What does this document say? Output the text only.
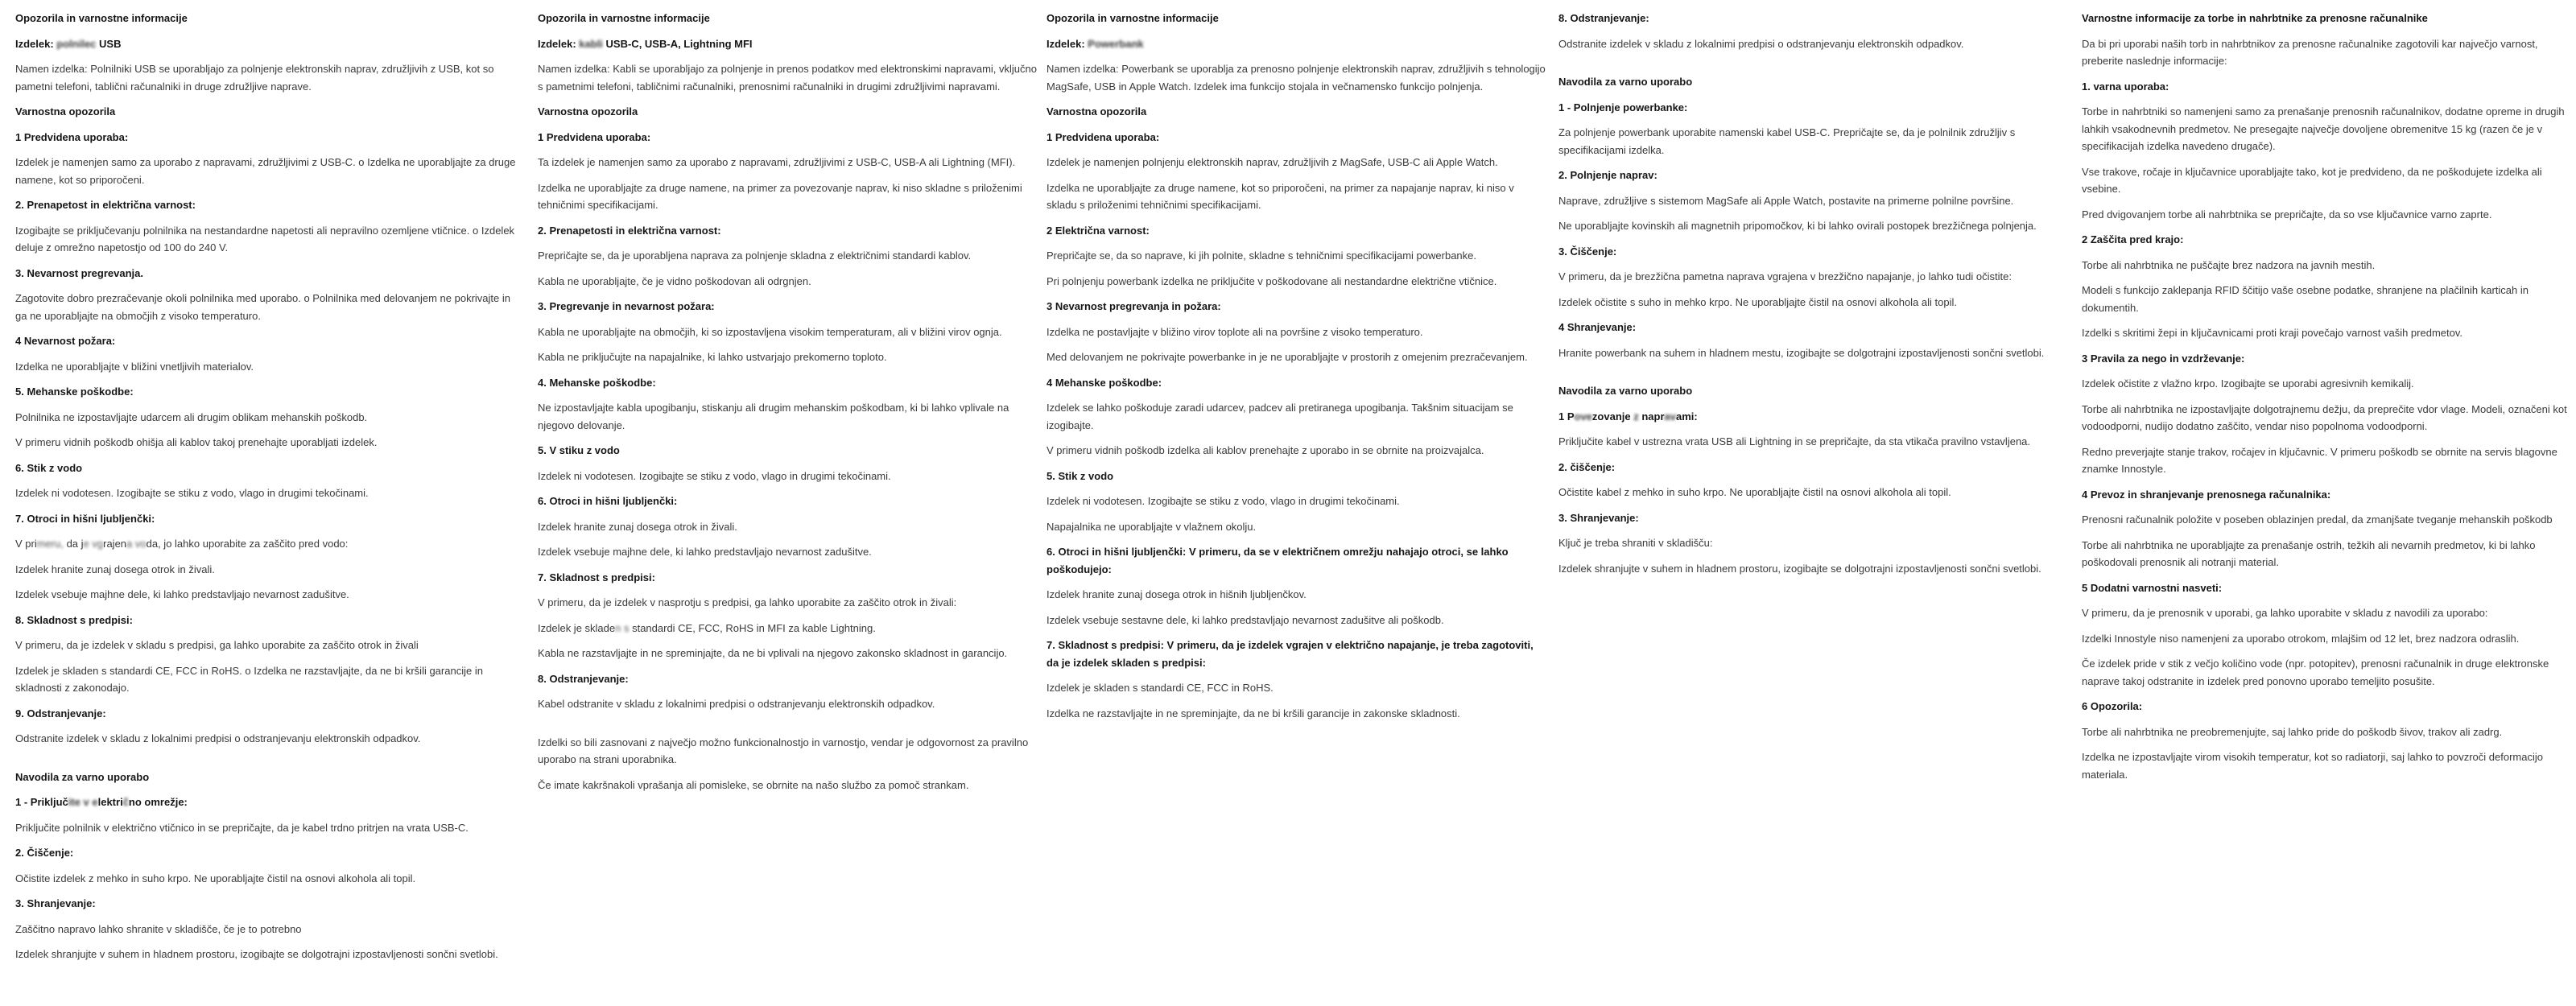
Opozorila in varnostne informacije
Izdelek: polnilec USB
Namen izdelka: Polnilniki USB se uporabljajo za polnjenje elektronskih naprav, združljivih z USB, kot so pametni telefoni, tablični računalniki in druge združljive naprave.
Varnostna opozorila
1 Predvidena uporaba:
Izdelek je namenjen samo za uporabo z napravami, združljivimi z USB-C. o Izdelka ne uporabljajte za druge namene, kot so priporočeni.
2. Prenapetost in električna varnost:
Izogibajte se priključevanju polnilnika na nestandardne napetosti ali nepravilno ozemljene vtičnice. o Izdelek deluje z omrežno napetostjo od 100 do 240 V.
3. Nevarnost pregrevanja.
Zagotovite dobro prezračevanje okoli polnilnika med uporabo. o Polnilnika med delovanjem ne pokrivajte in ga ne uporabljajte na območjih z visoko temperaturo.
4 Nevarnost požara:
Izdelka ne uporabljajte v bližini vnetljivih materialov.
5. Mehanske poškodbe:
Polnilnika ne izpostavljajte udarcem ali drugim oblikam mehanskih poškodb.
V primeru vidnih poškodb ohišja ali kablov takoj prenehajte uporabljati izdelek.
6. Stik z vodo
Izdelek ni vodotesen. Izogibajte se stiku z vodo, vlago in drugimi tekočinami.
7. Otroci in hišni ljubljenčki:
V primeru, da je vgrajena voda, jo lahko uporabite za zaščito pred vodo:
Izdelek hranite zunaj dosega otrok in živali.
Izdelek vsebuje majhne dele, ki lahko predstavljajo nevarnost zadušitve.
8. Skladnost s predpisi:
V primeru, da je izdelek v skladu s predpisi, ga lahko uporabite za zaščito otrok in živali
Izdelek je skladen s standardi CE, FCC in RoHS. o Izdelka ne razstavljajte, da ne bi kršili garancije in skladnosti z zakonodajo.
9. Odstranjevanje:
Odstranite izdelek v skladu z lokalnimi predpisi o odstranjevanju elektronskih odpadkov.
Navodila za varno uporabo
1 - Priključite v električno omrežje:
Priključite polnilnik v električno vtičnico in se prepričajte, da je kabel trdno pritrjen na vrata USB-C.
2. Čiščenje:
Očistite izdelek z mehko in suho krpo. Ne uporabljajte čistil na osnovi alkohola ali topil.
3. Shranjevanje:
Zaščitno napravo lahko shranite v skladišče, če je to potrebno
Izdelek shranjujte v suhem in hladnem prostoru, izogibajte se dolgotrajni izpostavljenosti sončni svetlobi.
Opozorila in varnostne informacije
Izdelek: kabli USB-C, USB-A, Lightning MFI
Namen izdelka: Kabli se uporabljajo za polnjenje in prenos podatkov med elektronskimi napravami, vključno s pametnimi telefoni, tabličnimi računalniki, prenosnimi računalniki in drugimi združljivimi napravami.
Varnostna opozorila
1 Predvidena uporaba:
Ta izdelek je namenjen samo za uporabo z napravami, združljivimi z USB-C, USB-A ali Lightning (MFI).
Izdelka ne uporabljajte za druge namene, na primer za povezovanje naprav, ki niso skladne s priloženimi tehničnimi specifikacijami.
2. Prenapetosti in električna varnost:
Prepričajte se, da je uporabljena naprava za polnjenje skladna z električnimi standardi kablov.
Kabla ne uporabljajte, če je vidno poškodovan ali odrgnjen.
3. Pregrevanje in nevarnost požara:
Kabla ne uporabljajte na območjih, ki so izpostavljena visokim temperaturam, ali v bližini virov ognja.
Kabla ne priključujte na napajalnike, ki lahko ustvarjajo prekomerno toploto.
4. Mehanske poškodbe:
Ne izpostavljajte kabla upogibanju, stiskanju ali drugim mehanskim poškodbam, ki bi lahko vplivale na njegovo delovanje.
5. V stiku z vodo
Izdelek ni vodotesen. Izogibajte se stiku z vodo, vlago in drugimi tekočinami.
6. Otroci in hišni ljubljenčki:
Izdelek hranite zunaj dosega otrok in živali.
Izdelek vsebuje majhne dele, ki lahko predstavljajo nevarnost zadušitve.
7. Skladnost s predpisi:
V primeru, da je izdelek v nasprotju s predpisi, ga lahko uporabite za zaščito otrok in živali:
Izdelek je skladen s standardi CE, FCC, RoHS in MFI za kable Lightning.
Kabla ne razstavljajte in ne spreminjajte, da ne bi vplivali na njegovo zakonsko skladnost in garancijo.
8. Odstranjevanje:
Kabel odstranite v skladu z lokalnimi predpisi o odstranjevanju elektronskih odpadkov.
Izdelki so bili zasnovani z največjo možno funkcionalnostjo in varnostjo, vendar je odgovornost za pravilno uporabo na strani uporabnika.
Če imate kakršnakoli vprašanja ali pomisleke, se obrnite na našo službo za pomoč strankam.
Opozorila in varnostne informacije
Izdelek: Powerbank
Namen izdelka: Powerbank se uporablja za prenosno polnjenje elektronskih naprav, združljivih s tehnologijo MagSafe, USB in Apple Watch. Izdelek ima funkcijo stojala in večnamensko funkcijo polnjenja.
Varnostna opozorila
1 Predvidena uporaba:
Izdelek je namenjen polnjenju elektronskih naprav, združljivih z MagSafe, USB-C ali Apple Watch.
Izdelka ne uporabljajte za druge namene, kot so priporočeni, na primer za napajanje naprav, ki niso v skladu s priloženimi tehničnimi specifikacijami.
2 Električna varnost:
Prepričajte se, da so naprave, ki jih polnite, skladne s tehničnimi specifikacijami powerbanke.
Pri polnjenju powerbank izdelka ne priključite v poškodovane ali nestandardne električne vtičnice.
3 Nevarnost pregrevanja in požara:
Izdelka ne postavljajte v bližino virov toplote ali na površine z visoko temperaturo.
Med delovanjem ne pokrivajte powerbanke in je ne uporabljajte v prostorih z omejenim prezračevanjem.
4 Mehanske poškodbe:
Izdelek se lahko poškoduje zaradi udarcev, padcev ali pretiranega upogibanja. Takšnim situacijam se izogibajte.
V primeru vidnih poškodb izdelka ali kablov prenehajte z uporabo in se obrnite na proizvajalca.
5. Stik z vodo
Izdelek ni vodotesen. Izogibajte se stiku z vodo, vlago in drugimi tekočinami.
Napajalnika ne uporabljajte v vlažnem okolju.
6. Otroci in hišni ljubljenčki: V primeru, da se v električnem omrežju nahajajo otroci, se lahko poškodujejo:
Izdelek hranite zunaj dosega otrok in hišnih ljubljenčkov.
Izdelek vsebuje sestavne dele, ki lahko predstavljajo nevarnost zadušitve ali poškodb.
7. Skladnost s predpisi: V primeru, da je izdelek vgrajen v električno napajanje, je treba zagotoviti, da je izdelek skladen s predpisi:
Izdelek je skladen s standardi CE, FCC in RoHS.
Izdelka ne razstavljajte in ne spreminjajte, da ne bi kršili garancije in zakonske skladnosti.
8. Odstranjevanje:
Odstranite izdelek v skladu z lokalnimi predpisi o odstranjevanju elektronskih odpadkov.
Navodila za varno uporabo
1 - Polnjenje powerbanke:
Za polnjenje powerbank uporabite namenski kabel USB-C. Prepričajte se, da je polnilnik združljiv s specifikacijami izdelka.
2. Polnjenje naprav:
Naprave, združljive s sistemom MagSafe ali Apple Watch, postavite na primerne polnilne površine.
Ne uporabljajte kovinskih ali magnetnih pripomočkov, ki bi lahko ovirali postopek brezžičnega polnjenja.
3. Čiščenje:
V primeru, da je brezžična pametna naprava vgrajena v brezžično napajanje, jo lahko tudi očistite:
Izdelek očistite s suho in mehko krpo. Ne uporabljajte čistil na osnovi alkohola ali topil.
4 Shranjevanje:
Hranite powerbank na suhem in hladnem mestu, izogibajte se dolgotrajni izpostavljenosti sončni svetlobi.
Navodila za varno uporabo
1 Povezovanje z napravami:
Priključite kabel v ustrezna vrata USB ali Lightning in se prepričajte, da sta vtikača pravilno vstavljena.
2. čiščenje:
Očistite kabel z mehko in suho krpo. Ne uporabljajte čistil na osnovi alkohola ali topil.
3. Shranjevanje:
Ključ je treba shraniti v skladišču:
Izdelek shranjujte v suhem in hladnem prostoru, izogibajte se dolgotrajni izpostavljenosti sončni svetlobi.
Varnostne informacije za torbe in nahrbtnike za prenosne računalnike
Da bi pri uporabi naših torb in nahrbtnikov za prenosne računalnike zagotovili kar največjo varnost, preberite naslednje informacije:
1. varna uporaba:
Torbe in nahrbtniki so namenjeni samo za prenašanje prenosnih računalnikov, dodatne opreme in drugih lahkih vsakodnevnih predmetov. Ne presegajte največje dovoljene obremenitve 15 kg (razen če je v specifikacijah izdelka navedeno drugače).
Vse trakove, ročaje in ključavnice uporabljajte tako, kot je predvideno, da ne poškodujete izdelka ali vsebine.
Pred dvigovanjem torbe ali nahrbtnika se prepričajte, da so vse ključavnice varno zaprte.
2 Zaščita pred krajo:
Torbe ali nahrbtnika ne puščajte brez nadzora na javnih mestih.
Modeli s funkcijo zaklepanja RFID ščitijo vaše osebne podatke, shranjene na plačilnih karticah in dokumentih.
Izdelki s skritimi žepi in ključavnicami proti kraji povečajo varnost vaših predmetov.
3 Pravila za nego in vzdrževanje:
Izdelek očistite z vlažno krpo. Izogibajte se uporabi agresivnih kemikalij.
Torbe ali nahrbtnika ne izpostavljajte dolgotrajnemu dežju, da preprečite vdor vlage. Modeli, označeni kot vodoodporni, nudijo dodatno zaščito, vendar niso popolnoma vodoodporni.
Redno preverjajte stanje trakov, ročajev in ključavnic. V primeru poškodb se obrnite na servis blagovne znamke Innostyle.
4 Prevoz in shranjevanje prenosnega računalnika:
Prenosni računalnik položite v poseben oblazinjen predal, da zmanjšate tveganje mehanskih poškodb
Torbe ali nahrbtnika ne uporabljajte za prenašanje ostrih, težkih ali nevarnih predmetov, ki bi lahko poškodovali prenosnik ali notranji material.
5 Dodatni varnostni nasveti:
V primeru, da je prenosnik v uporabi, ga lahko uporabite v skladu z navodili za uporabo:
Izdelki Innostyle niso namenjeni za uporabo otrokom, mlajšim od 12 let, brez nadzora odraslih.
Če izdelek pride v stik z večjo količino vode (npr. potopitev), prenosni računalnik in druge elektronske naprave takoj odstranite in izdelek pred ponovno uporabo temeljito posušite.
6 Opozorila:
Torbe ali nahrbtnika ne preobremenjujte, saj lahko pride do poškodb šivov, trakov ali zadrg.
Izdelka ne izpostavljajte virom visokih temperatur, kot so radiatorji, saj lahko to povzroči deformacijo materiala.
